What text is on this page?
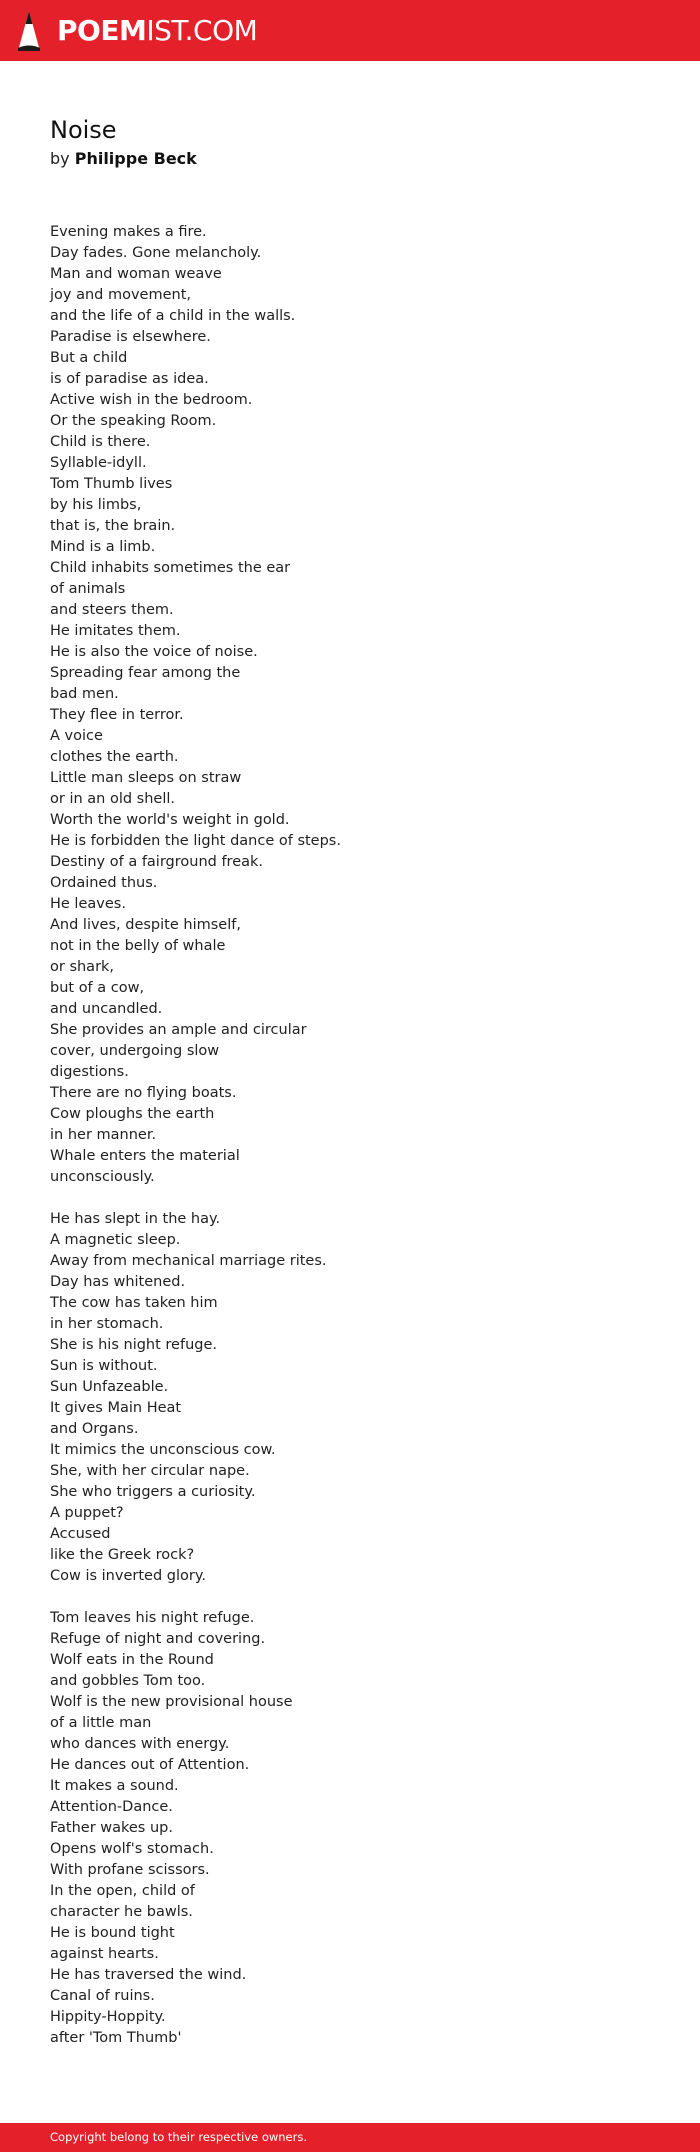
POEMIST.COM
Noise
by Philippe Beck

Evening makes a fire.
Day fades. Gone melancholy.
Man and woman weave
joy and movement,
and the life of a child in the walls.
Paradise is elsewhere.
But a child
is of paradise as idea.
Active wish in the bedroom.
Or the speaking Room.
Child is there.
Syllable-idyll.
Tom Thumb lives
by his limbs,
that is, the brain.
Mind is a limb.
Child inhabits sometimes the ear
of animals
and steers them.
He imitates them.
He is also the voice of noise.
Spreading fear among the
bad men.
They flee in terror.
A voice
clothes the earth.
Little man sleeps on straw
or in an old shell.
Worth the world's weight in gold.
He is forbidden the light dance of steps.
Destiny of a fairground freak.
Ordained thus.
He leaves.
And lives, despite himself,
not in the belly of whale
or shark,
but of a cow,
and uncandled.
She provides an ample and circular
cover, undergoing slow
digestions.
There are no flying boats.
Cow ploughs the earth
in her manner.
Whale enters the material
unconsciously.

He has slept in the hay.
A magnetic sleep.
Away from mechanical marriage rites.
Day has whitened.
The cow has taken him
in her stomach.
She is his night refuge.
Sun is without.
Sun Unfazeable.
It gives Main Heat
and Organs.
It mimics the unconscious cow.
She, with her circular nape.
She who triggers a curiosity.
A puppet?
Accused
like the Greek rock?
Cow is inverted glory.

Tom leaves his night refuge.
Refuge of night and covering.
Wolf eats in the Round
and gobbles Tom too.
Wolf is the new provisional house
of a little man
who dances with energy.
He dances out of Attention.
It makes a sound.
Attention-Dance.
Father wakes up.
Opens wolf's stomach.
With profane scissors.
In the open, child of
character he bawls.
He is bound tight
against hearts.
He has traversed the wind.
Canal of ruins.
Hippity-Hoppity.
after 'Tom Thumb'

Copyright belong to their respective owners.
